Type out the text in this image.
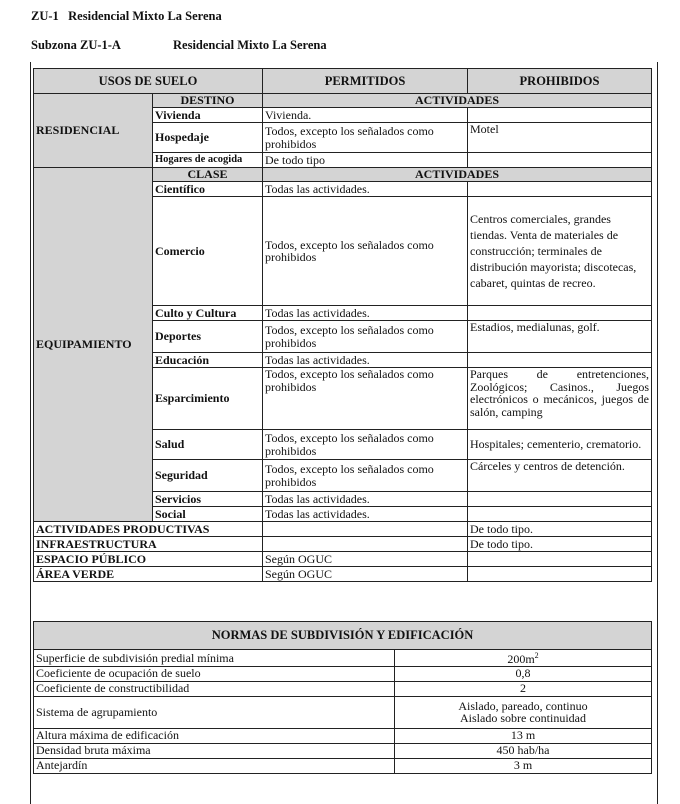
ZU-1 Residencial Mixto La Serena
Subzona ZU-1-A	Residencial Mixto La Serena
USOS DE SUELO		PERMITIDOS	PROHIBIDOS
RESIDENCIAL	DESTINO	ACTIVIDADES	
	Vivienda	Vivienda.	
	Hospedaje	Todos, excepto los señalados como prohibidos	Motel
	Hogares de acogida	De todo tipo	
EQUIPAMIENTO	CLASE	ACTIVIDADES	
	Científico	Todas las actividades.	
	Comercio	Todos, excepto los señalados como prohibidos	Centros comerciales, grandes tiendas. Venta de materiales de construcción; terminales de distribución mayorista; discotecas, cabaret, quintas de recreo.
	Culto y Cultura	Todas las actividades.	
	Deportes	Todos, excepto los señalados como prohibidos	Estadios, medialunas, golf.
	Educación	Todas las actividades.	
	Esparcimiento	Todos, excepto los señalados como prohibidos	Parques de entretenciones, Zoológicos; Casinos., Juegos electrónicos o mecánicos, juegos de salón, camping
	Salud	Todos, excepto los señalados como prohibidos	Hospitales; cementerio, crematorio.
	Seguridad	Todos, excepto los señalados como prohibidos	Cárceles y centros de detención.
	Servicios	Todas las actividades.	
	Social	Todas las actividades.	
ACTIVIDADES PRODUCTIVAS			De todo tipo.
INFRAESTRUCTURA			De todo tipo.
ESPACIO PÚBLICO		Según OGUC	
ÁREA VERDE		Según OGUC	
NORMAS DE SUBDIVISIÓN Y EDIFICACIÓN	
Superficie de subdivisión predial mínima	$200m^2$
Coeficiente de ocupación de suelo	0,8
Coeficiente de constructibilidad	2
Sistema de agrupamiento	Aislado, pareado, continuo
Aislado sobre continuidad

Altura máxima de edificación	13 m
Densidad bruta máxima	450 hab/ha
Antejardín	3 m
